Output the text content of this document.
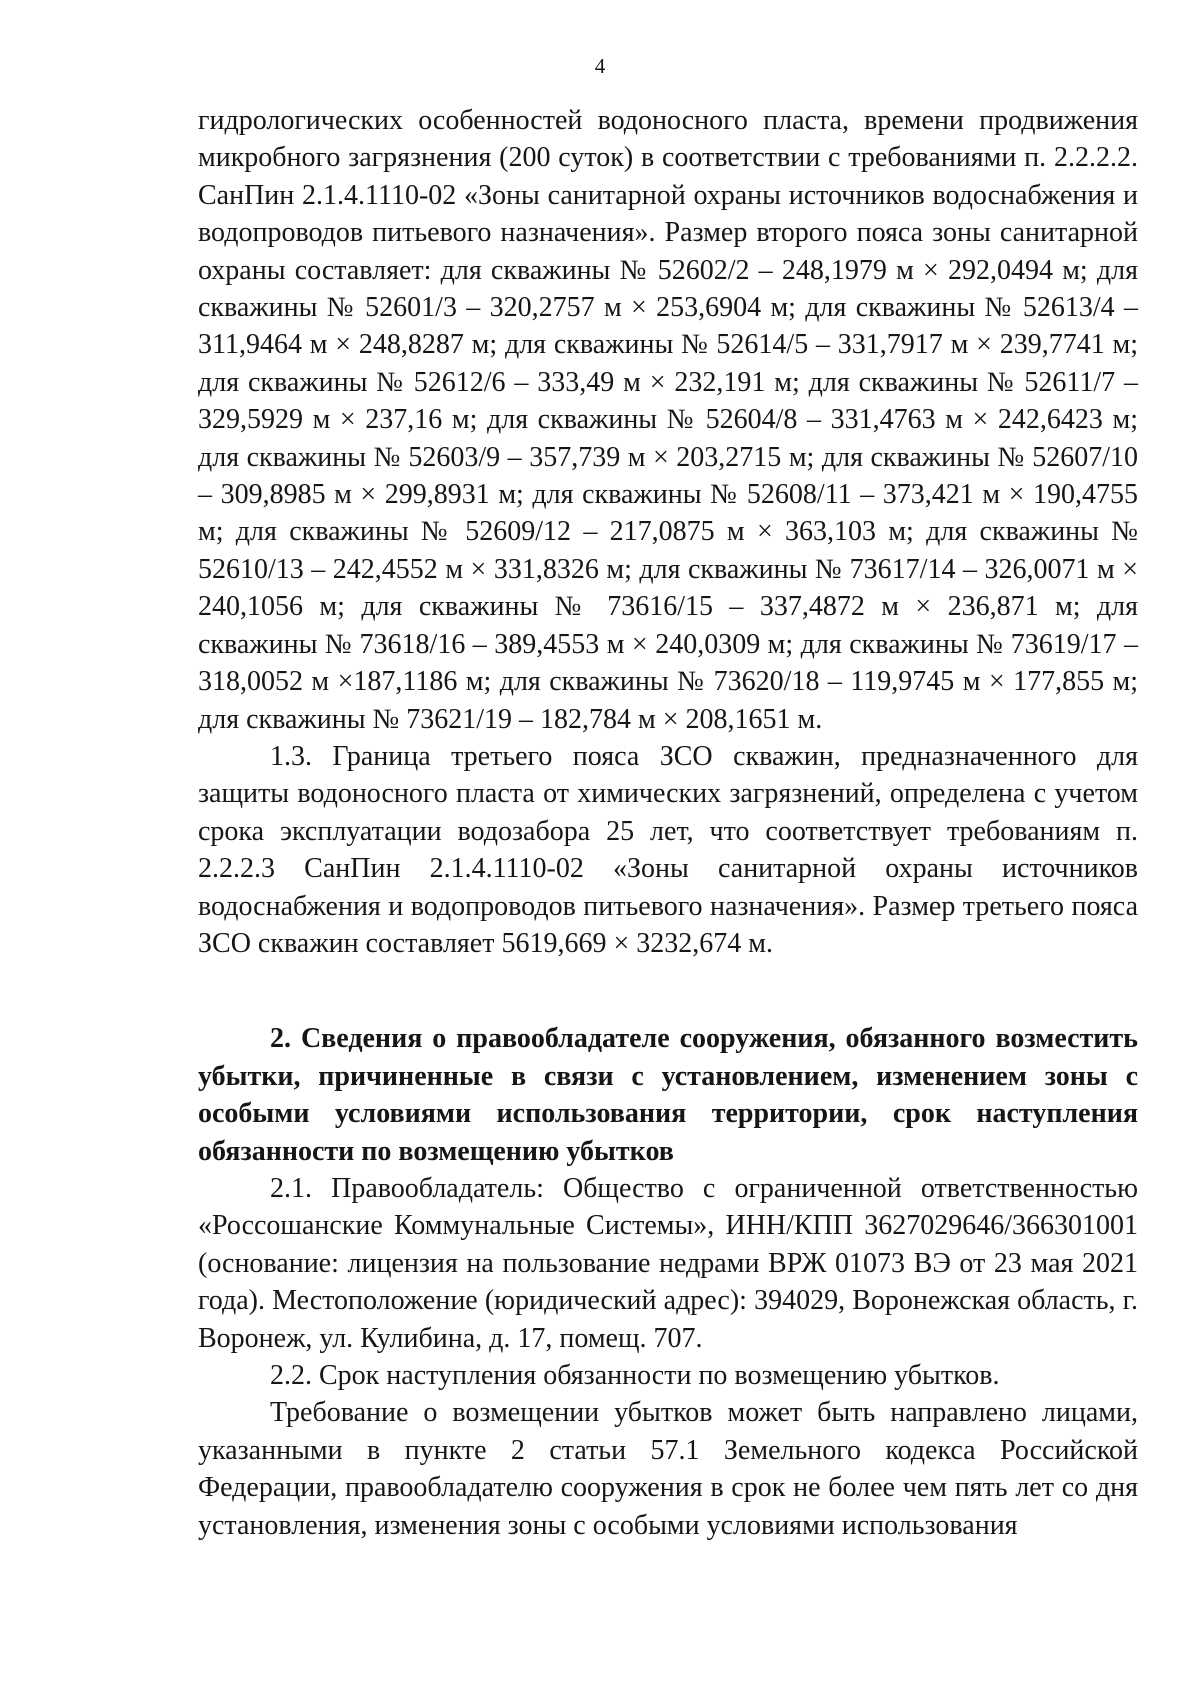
4

гидрологических особенностей водоносного пласта, времени продвижения микробного загрязнения (200 суток) в соответствии с требованиями п. 2.2.2.2. СанПин 2.1.4.1110-02 «Зоны санитарной охраны источников водоснабжения и водопроводов питьевого назначения». Размер второго пояса зоны санитарной охраны составляет: для скважины № 52602/2 – 248,1979 м × 292,0494 м; для скважины № 52601/3 – 320,2757 м × 253,6904 м; для скважины № 52613/4 – 311,9464 м × 248,8287 м; для скважины № 52614/5 – 331,7917 м × 239,7741 м; для скважины № 52612/6 – 333,49 м × 232,191 м; для скважины № 52611/7 – 329,5929 м × 237,16 м; для скважины № 52604/8 – 331,4763 м × 242,6423 м; для скважины № 52603/9 – 357,739 м × 203,2715 м; для скважины № 52607/10 – 309,8985 м × 299,8931 м; для скважины № 52608/11 – 373,421 м × 190,4755 м; для скважины № 52609/12 – 217,0875 м × 363,103 м; для скважины № 52610/13 – 242,4552 м × 331,8326 м; для скважины № 73617/14 – 326,0071 м × 240,1056 м; для скважины № 73616/15 – 337,4872 м × 236,871 м; для скважины № 73618/16 – 389,4553 м × 240,0309 м; для скважины № 73619/17 – 318,0052 м ×187,1186 м; для скважины № 73620/18 – 119,9745 м × 177,855 м; для скважины № 73621/19 – 182,784 м × 208,1651 м.

1.3. Граница третьего пояса ЗСО скважин, предназначенного для защиты водоносного пласта от химических загрязнений, определена с учетом срока эксплуатации водозабора 25 лет, что соответствует требованиям п. 2.2.2.3 СанПин 2.1.4.1110-02 «Зоны санитарной охраны источников водоснабжения и водопроводов питьевого назначения». Размер третьего пояса ЗСО скважин составляет 5619,669 × 3232,674 м.

2. Сведения о правообладателе сооружения, обязанного возместить убытки, причиненные в связи с установлением, изменением зоны с особыми условиями использования территории, срок наступления обязанности по возмещению убытков

2.1. Правообладатель: Общество с ограниченной ответственностью «Россошанские Коммунальные Системы», ИНН/КПП 3627029646/366301001 (основание: лицензия на пользование недрами ВРЖ 01073 ВЭ от 23 мая 2021 года). Местоположение (юридический адрес): 394029, Воронежская область, г. Воронеж, ул. Кулибина, д. 17, помещ. 707.

2.2. Срок наступления обязанности по возмещению убытков.

Требование о возмещении убытков может быть направлено лицами, указанными в пункте 2 статьи 57.1 Земельного кодекса Российской Федерации, правообладателю сооружения в срок не более чем пять лет со дня установления, изменения зоны с особыми условиями использования
